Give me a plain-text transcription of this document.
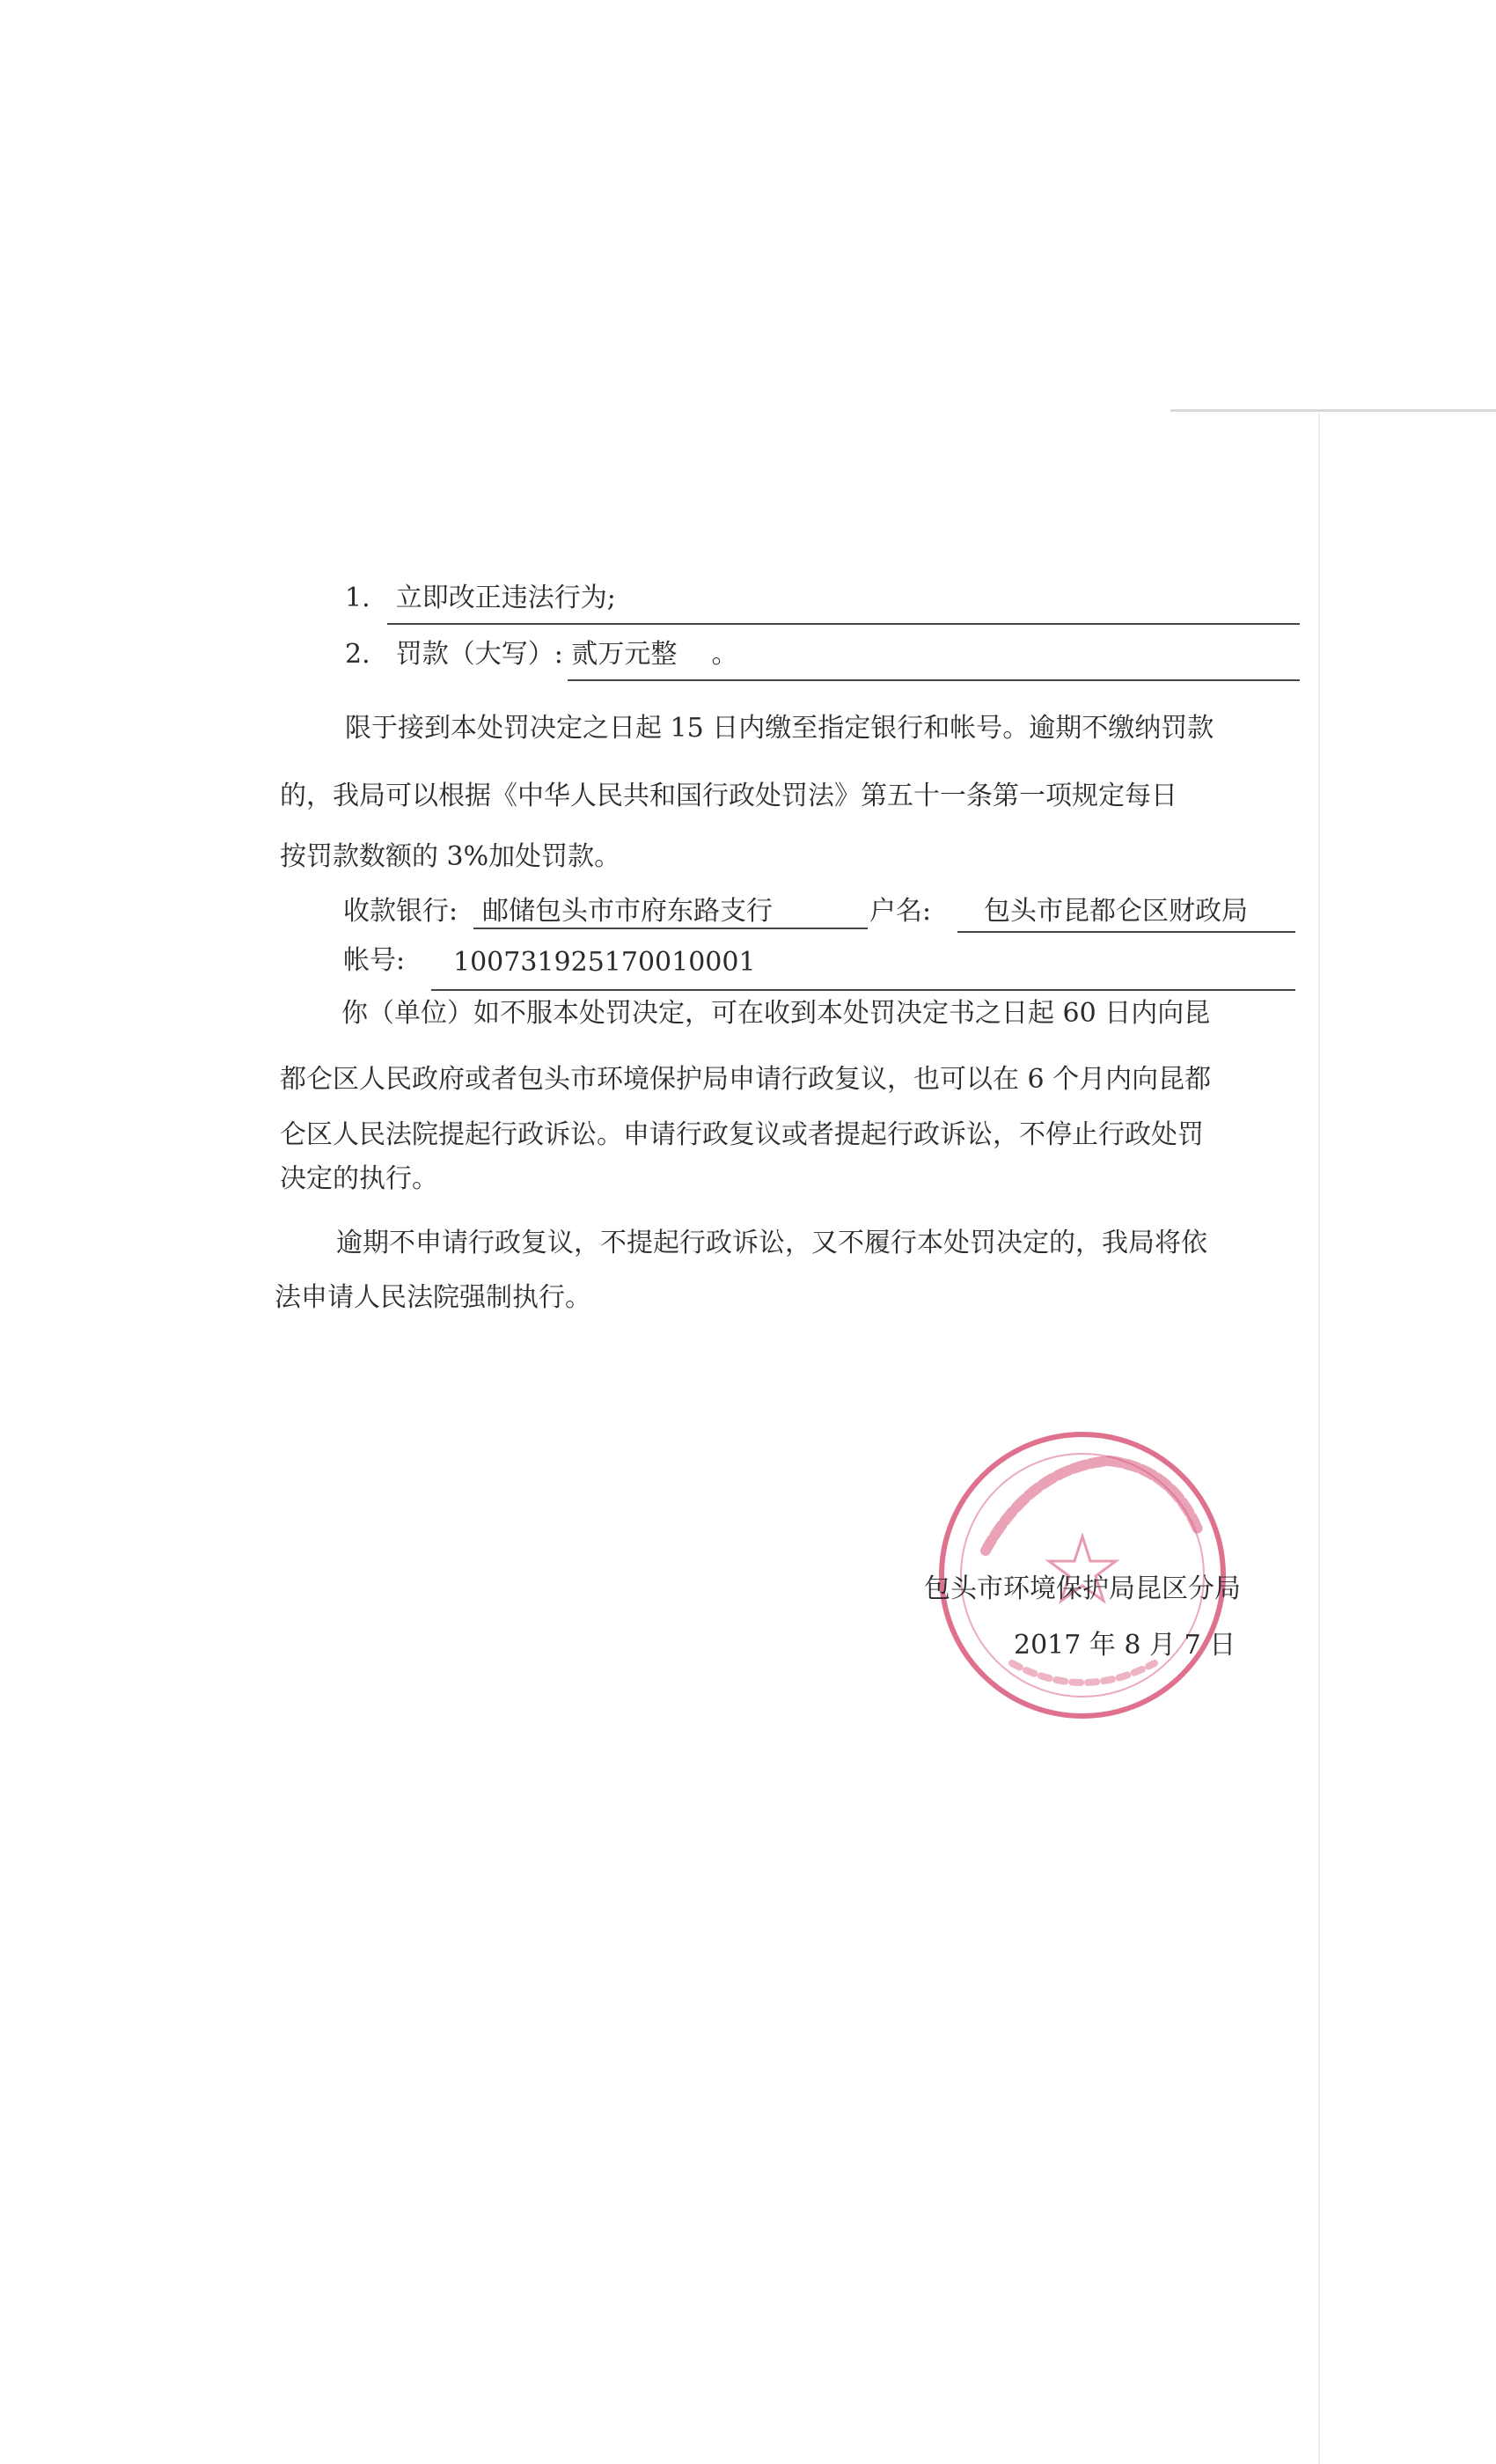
1. 立即改正违法行为;
2. 罚款（大写）: 贰万元整 。
限于接到本处罚决定之日起 15 日内缴至指定银行和帐号。逾期不缴纳罚款
的，我局可以根据《中华人民共和国行政处罚法》第五十一条第一项规定每日
按罚款数额的 3%加处罚款。
收款银行: 邮储包头市市府东路支行	户名: 包头市昆都仑区财政局
帐号: 100731925170010001
你（单位）如不服本处罚决定，可在收到本处罚决定书之日起 60 日内向昆
都仑区人民政府或者包头市环境保护局申请行政复议，也可以在 6 个月内向昆都
仑区人民法院提起行政诉讼。申请行政复议或者提起行政诉讼，不停止行政处罚
决定的执行。
逾期不申请行政复议，不提起行政诉讼，又不履行本处罚决定的，我局将依
法申请人民法院强制执行。
包头市环境保护局昆区分局
2017 年 8 月 7 日
